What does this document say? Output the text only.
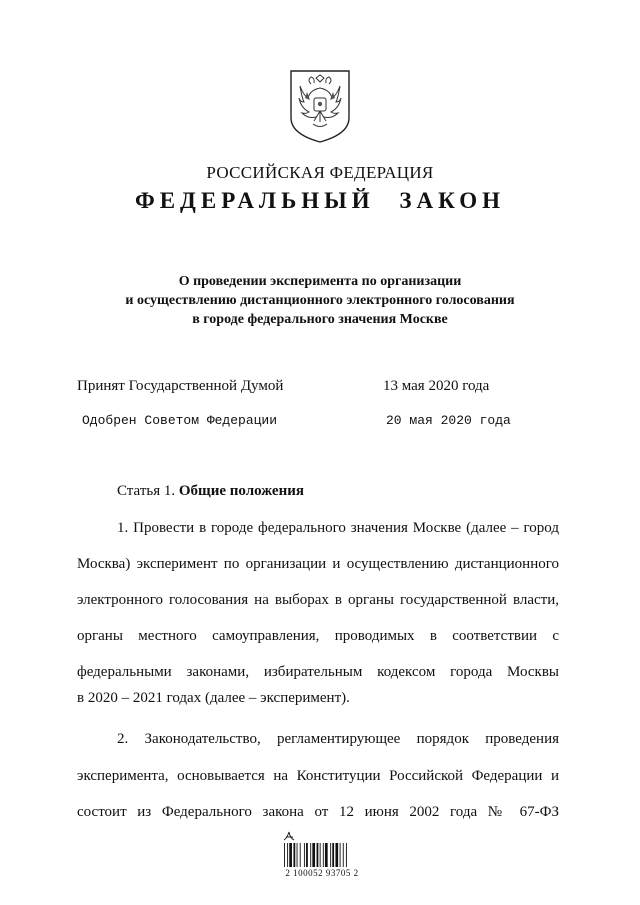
РОССИЙСКАЯ ФЕДЕРАЦИЯ
ФЕДЕРАЛЬНЫЙ ЗАКОН
О проведении эксперимента по организации
и осуществлению дистанционного электронного голосования
в городе федерального значения Москве
Принят Государственной Думой	13 мая 2020 года
Одобрен Советом Федерации	20 мая 2020 года
Статья 1. Общие положения
1. Провести в городе федерального значения Москве (далее – город
Москва) эксперимент по организации и осуществлению дистанционного
электронного голосования на выборах в органы государственной власти,
органы местного самоуправления, проводимых в соответствии с
федеральными законами, избирательным кодексом города Москвы
в 2020 – 2021 годах (далее – эксперимент).
2. Законодательство, регламентирующее порядок проведения
эксперимента, основывается на Конституции Российской Федерации и
состоит из Федерального закона от 12 июня 2002 года № 67-ФЗ
2 100052 93705 2
